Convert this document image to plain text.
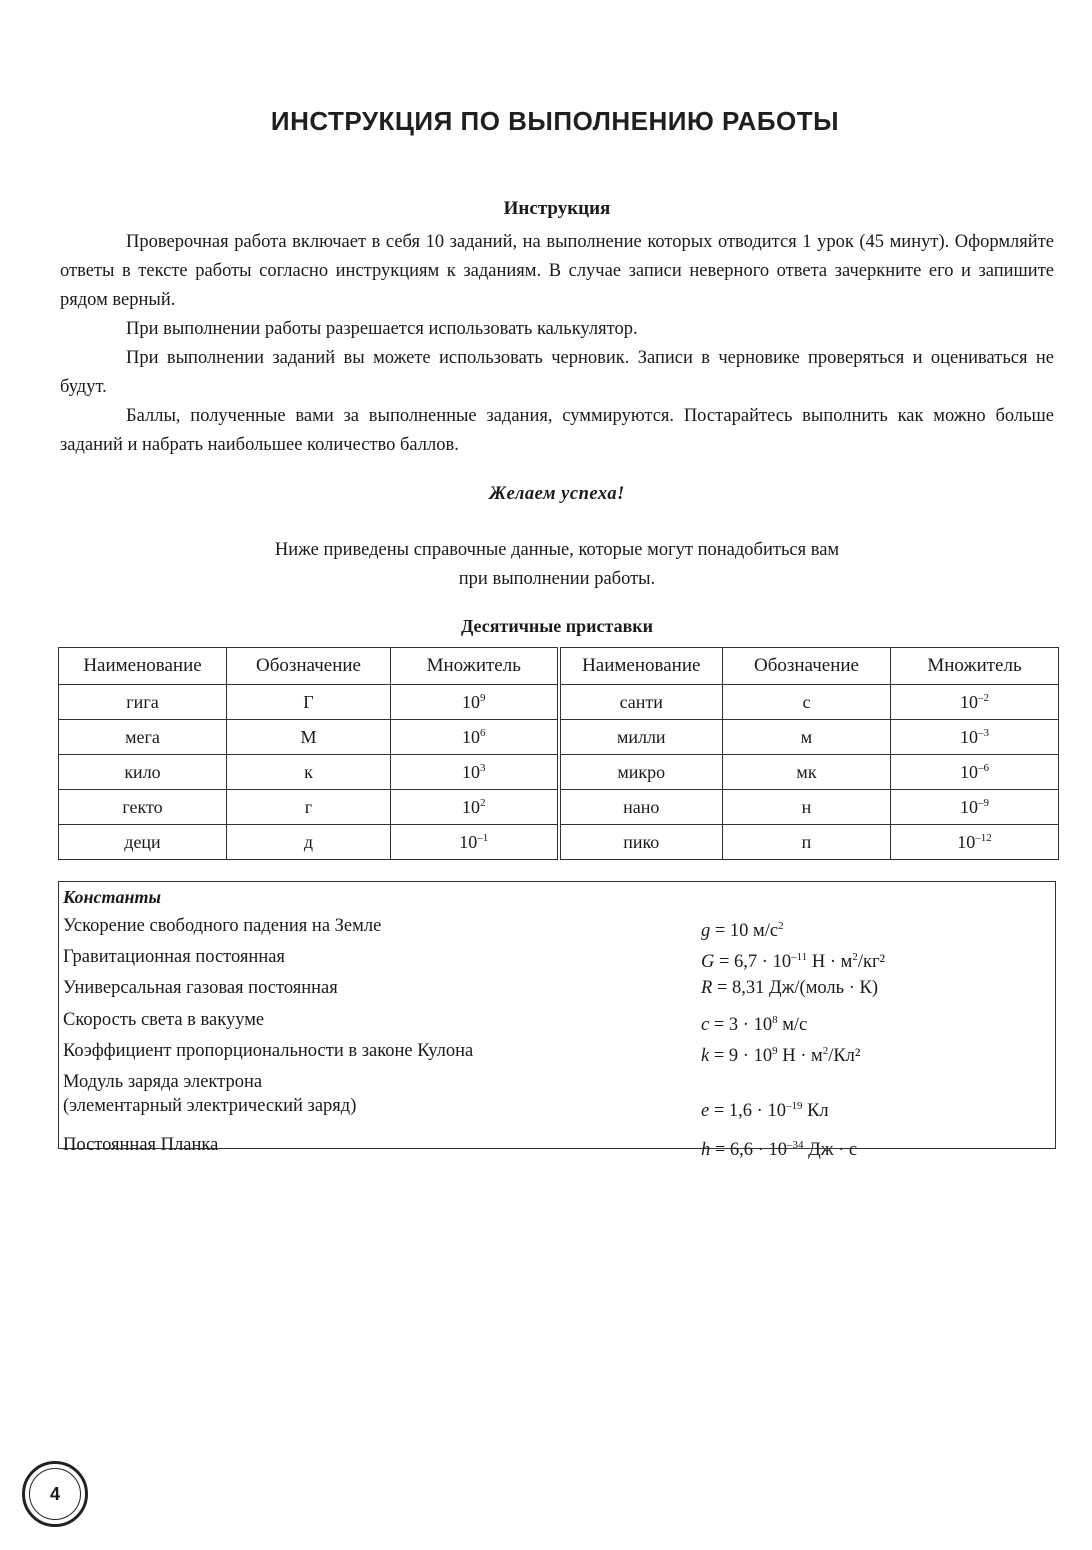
ИНСТРУКЦИЯ ПО ВЫПОЛНЕНИЮ РАБОТЫ
Инструкция

Проверочная работа включает в себя 10 заданий, на выполнение которых отводится 1 урок (45 минут). Оформляйте ответы в тексте работы согласно инструкциям к заданиям. В случае записи неверного ответа зачеркните его и запишите рядом верный.

При выполнении работы разрешается использовать калькулятор.

При выполнении заданий вы можете использовать черновик. Записи в черновике проверяться и оцениваться не будут.

Баллы, полученные вами за выполненные задания, суммируются. Постарайтесь выполнить как можно больше заданий и набрать наибольшее количество баллов.

Желаем успеха!
Ниже приведены справочные данные, которые могут понадобиться вам
при выполнении работы.
Десятичные приставки
Наименование	Обозначение	Множитель	Наименование	Обозначение	Множитель
гига	Г	$10^9$	санти	с	$10^{-2}$
мега	М	$10^6$	милли	м	$10^{-3}$
кило	к	$10^3$	микро	мк	$10^{-6}$
гекто	г	$10^2$	нано	н	$10^{-9}$
деци	д	$10^{-1}$	пико	п	$10^{-12}$
Константы
Ускорение свободного падения на Земле	g = 10 $м/с^2$
Гравитационная постоянная	$G = 6,7 \cdot 10^{-11}$ $Н \cdot м^2$/кг²
Универсальная газовая постоянная	R = 8,31 Дж/(моль · К)
Скорость света в вакууме	$c = 3 \cdot 10^8$ м/с
Коэффициент пропорциональности в законе Кулона	$k = 9 \cdot 10^9$ $Н \cdot м^2$/Кл²
Модуль заряда электрона
(элементарный электрический заряд)	$e = 1,6 \cdot 10^{-19}$ Кл
Постоянная Планка	$h = 6,6 \cdot 10^{-34}$ Дж · с
4
